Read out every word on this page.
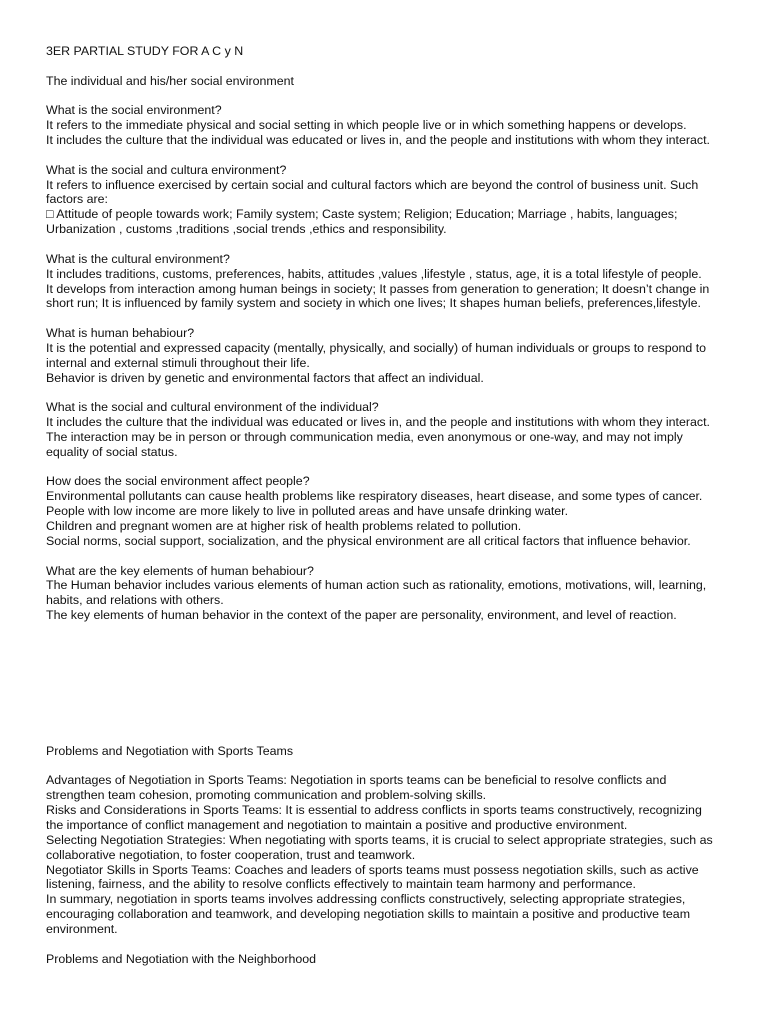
3ER PARTIAL STUDY FOR A C y N
The individual and his/her social environment
What is the social environment?
It refers to the immediate physical and social setting in which people live or in which something happens or develops.
It includes the culture that the individual was educated or lives in, and the people and institutions with whom they interact.
What is the social and cultura environment?
It refers to influence exercised by certain social and cultural factors which are beyond the control of business unit. Such
factors are:
□ Attitude of people towards work; Family system; Caste system; Religion; Education; Marriage , habits, languages;
Urbanization , customs ,traditions ,social trends ,ethics and responsibility.
What is the cultural environment?
It includes traditions, customs, preferences, habits, attitudes ,values ,lifestyle , status, age, it is a total lifestyle of people.
It develops from interaction among human beings in society; It passes from generation to generation; It doesn’t change in
short run; It is influenced by family system and society in which one lives; It shapes human beliefs, preferences,lifestyle.
What is human behabiour?
It is the potential and expressed capacity (mentally, physically, and socially) of human individuals or groups to respond to
internal and external stimuli throughout their life.
Behavior is driven by genetic and environmental factors that affect an individual.
What is the social and cultural environment of the individual?
It includes the culture that the individual was educated or lives in, and the people and institutions with whom they interact.
The interaction may be in person or through communication media, even anonymous or one-way, and may not imply
equality of social status.
How does the social environment affect people?
Environmental pollutants can cause health problems like respiratory diseases, heart disease, and some types of cancer.
People with low income are more likely to live in polluted areas and have unsafe drinking water.
Children and pregnant women are at higher risk of health problems related to pollution.
Social norms, social support, socialization, and the physical environment are all critical factors that influence behavior.
What are the key elements of human behabiour?
The Human behavior includes various elements of human action such as rationality, emotions, motivations, will, learning,
habits, and relations with others.
The key elements of human behavior in the context of the paper are personality, environment, and level of reaction.
Problems and Negotiation with Sports Teams
Advantages of Negotiation in Sports Teams: Negotiation in sports teams can be beneficial to resolve conflicts and
strengthen team cohesion, promoting communication and problem-solving skills.
Risks and Considerations in Sports Teams: It is essential to address conflicts in sports teams constructively, recognizing
the importance of conflict management and negotiation to maintain a positive and productive environment.
Selecting Negotiation Strategies: When negotiating with sports teams, it is crucial to select appropriate strategies, such as
collaborative negotiation, to foster cooperation, trust and teamwork.
Negotiator Skills in Sports Teams: Coaches and leaders of sports teams must possess negotiation skills, such as active
listening, fairness, and the ability to resolve conflicts effectively to maintain team harmony and performance.
In summary, negotiation in sports teams involves addressing conflicts constructively, selecting appropriate strategies,
encouraging collaboration and teamwork, and developing negotiation skills to maintain a positive and productive team
environment.
Problems and Negotiation with the Neighborhood
